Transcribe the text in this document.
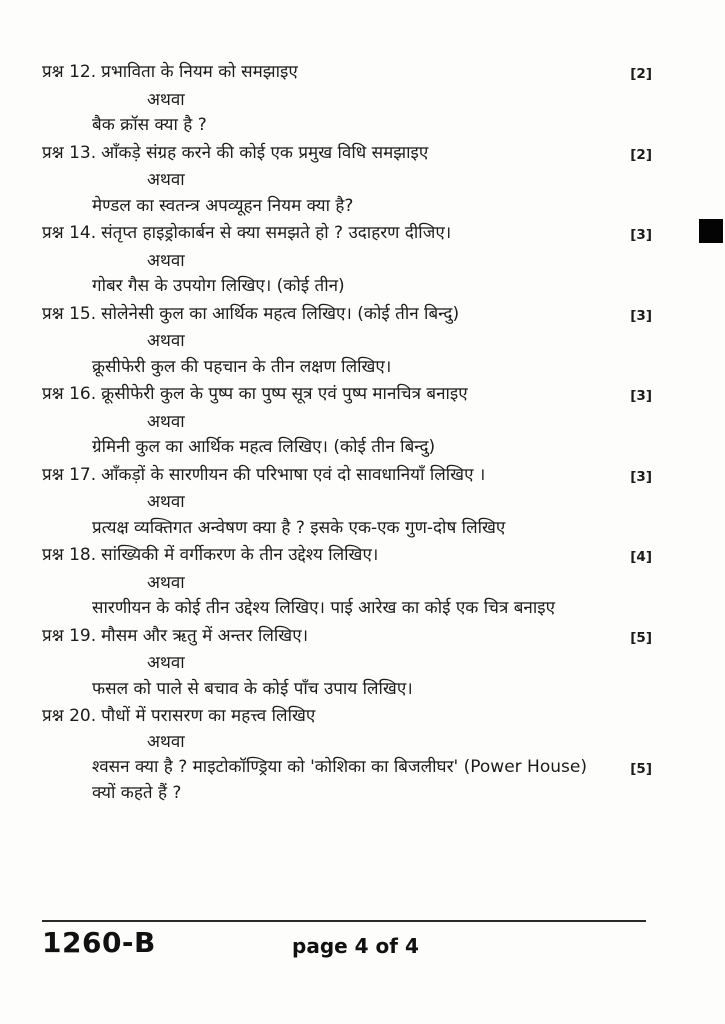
प्रश्न 12. प्रभाविता के नियम को समझाइए	[2]
अथवा
बैक क्रॉस क्या है ?
प्रश्न 13. आँकड़े संग्रह करने की कोई एक प्रमुख विधि समझाइए	[2]
अथवा
मेण्डल का स्वतन्त्र अपव्यूहन नियम क्या है?
प्रश्न 14. संतृप्त हाइड्रोकार्बन से क्या समझते हो ? उदाहरण दीजिए।	[3]
अथवा
गोबर गैस के उपयोग लिखिए। (कोई तीन)
प्रश्न 15. सोलेनेसी कुल का आर्थिक महत्व लिखिए। (कोई तीन बिन्दु)	[3]
अथवा
क्रूसीफेरी कुल की पहचान के तीन लक्षण लिखिए।
प्रश्न 16. क्रूसीफेरी कुल के पुष्प का पुष्प सूत्र एवं पुष्प मानचित्र बनाइए	[3]
अथवा
ग्रेमिनी कुल का आर्थिक महत्व लिखिए। (कोई तीन बिन्दु)
प्रश्न 17. आँकड़ों के सारणीयन की परिभाषा एवं दो सावधानियाँ लिखिए ।	[3]
अथवा
प्रत्यक्ष व्यक्तिगत अन्वेषण क्या है ? इसके एक-एक गुण-दोष लिखिए
प्रश्न 18. सांख्यिकी में वर्गीकरण के तीन उद्देश्य लिखिए।	[4]
अथवा
सारणीयन के कोई तीन उद्देश्य लिखिए। पाई आरेख का कोई एक चित्र बनाइए
प्रश्न 19. मौसम और ऋतु में अन्तर लिखिए।	[5]
अथवा
फसल को पाले से बचाव के कोई पाँच उपाय लिखिए।
प्रश्न 20. पौधों में परासरण का महत्त्व लिखिए
अथवा
श्वसन क्या है ? माइटोकॉण्ड्रिया को 'कोशिका का बिजलीघर' (Power House) क्यों कहते हैं ?
[5]
1260-B	page 4 of 4
